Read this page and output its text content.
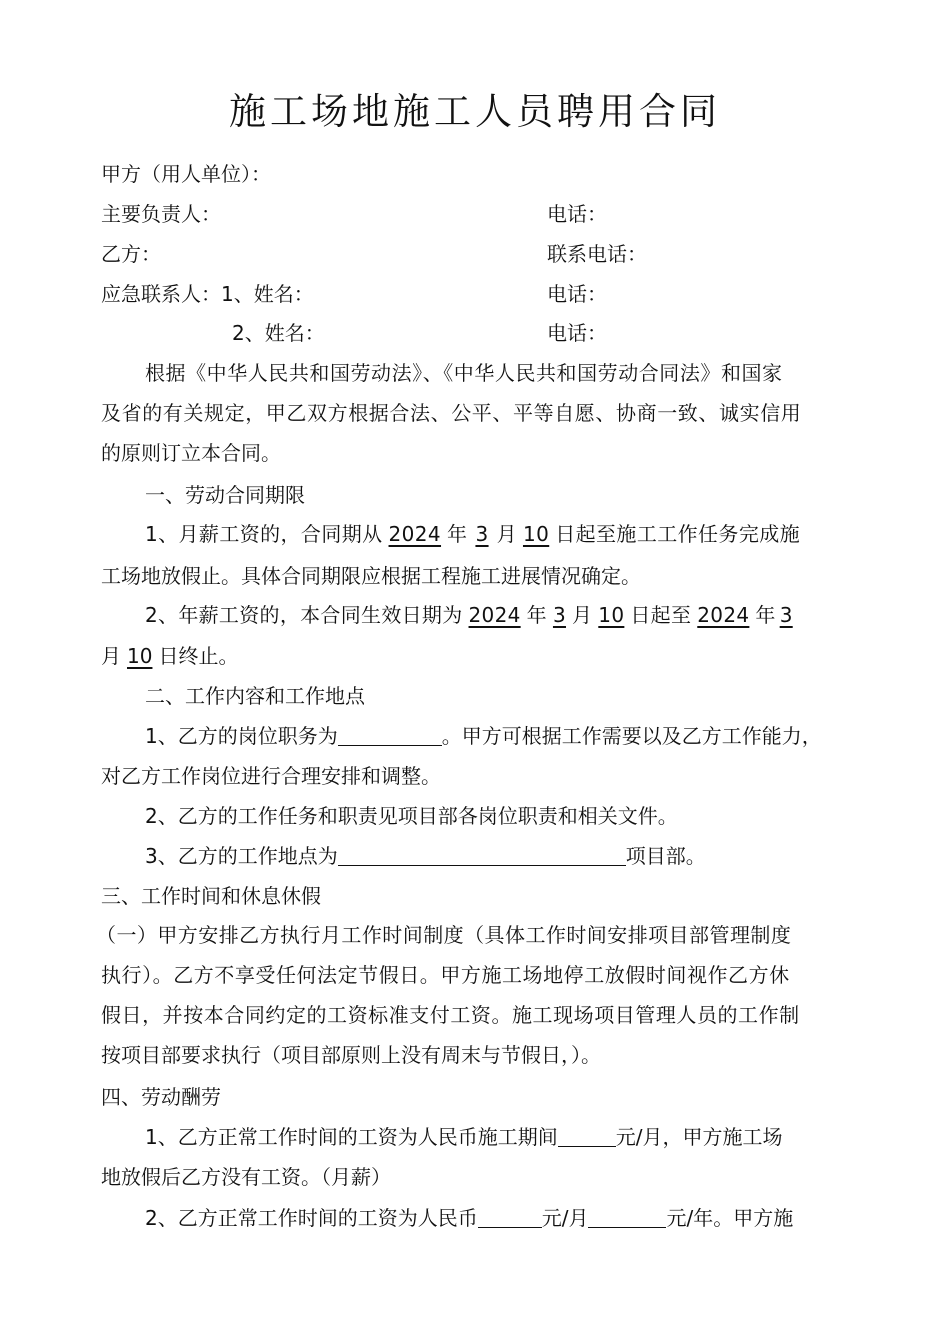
施工场地施工人员聘用合同
甲方（用人单位）：
主要负责人：	电话：
乙方：	联系电话：
应急联系人：1、姓名：	电话：
2、姓名：	电话：
根据《中华人民共和国劳动法》、《中华人民共和国劳动合同法》和国家
及省的有关规定，甲乙双方根据合法、公平、平等自愿、协商一致、诚实信用
的原则订立本合同。
一、劳动合同期限
1、月薪工资的，合同期从 2024 年 3 月 10 日起至施工工作任务完成施
工场地放假止。具体合同期限应根据工程施工进展情况确定。
2、年薪工资的，本合同生效日期为 2024 年 3 月 10 日起至 2024 年 3
月 10 日终止。
二、工作内容和工作地点
1、乙方的岗位职务为	。甲方可根据工作需要以及乙方工作能力，
对乙方工作岗位进行合理安排和调整。
2、乙方的工作任务和职责见项目部各岗位职责和相关文件。
3、乙方的工作地点为	项目部。
三、工作时间和休息休假
（一）甲方安排乙方执行月工作时间制度（具体工作时间安排项目部管理制度
执行）。乙方不享受任何法定节假日。甲方施工场地停工放假时间视作乙方休
假日，并按本合同约定的工资标准支付工资。施工现场项目管理人员的工作制
按项目部要求执行（项目部原则上没有周末与节假日，）。
四、劳动酬劳
1、乙方正常工作时间的工资为人民币施工期间	元/月，甲方施工场
地放假后乙方没有工资。（月薪）
2、乙方正常工作时间的工资为人民币	元/月	元/年。甲方施
